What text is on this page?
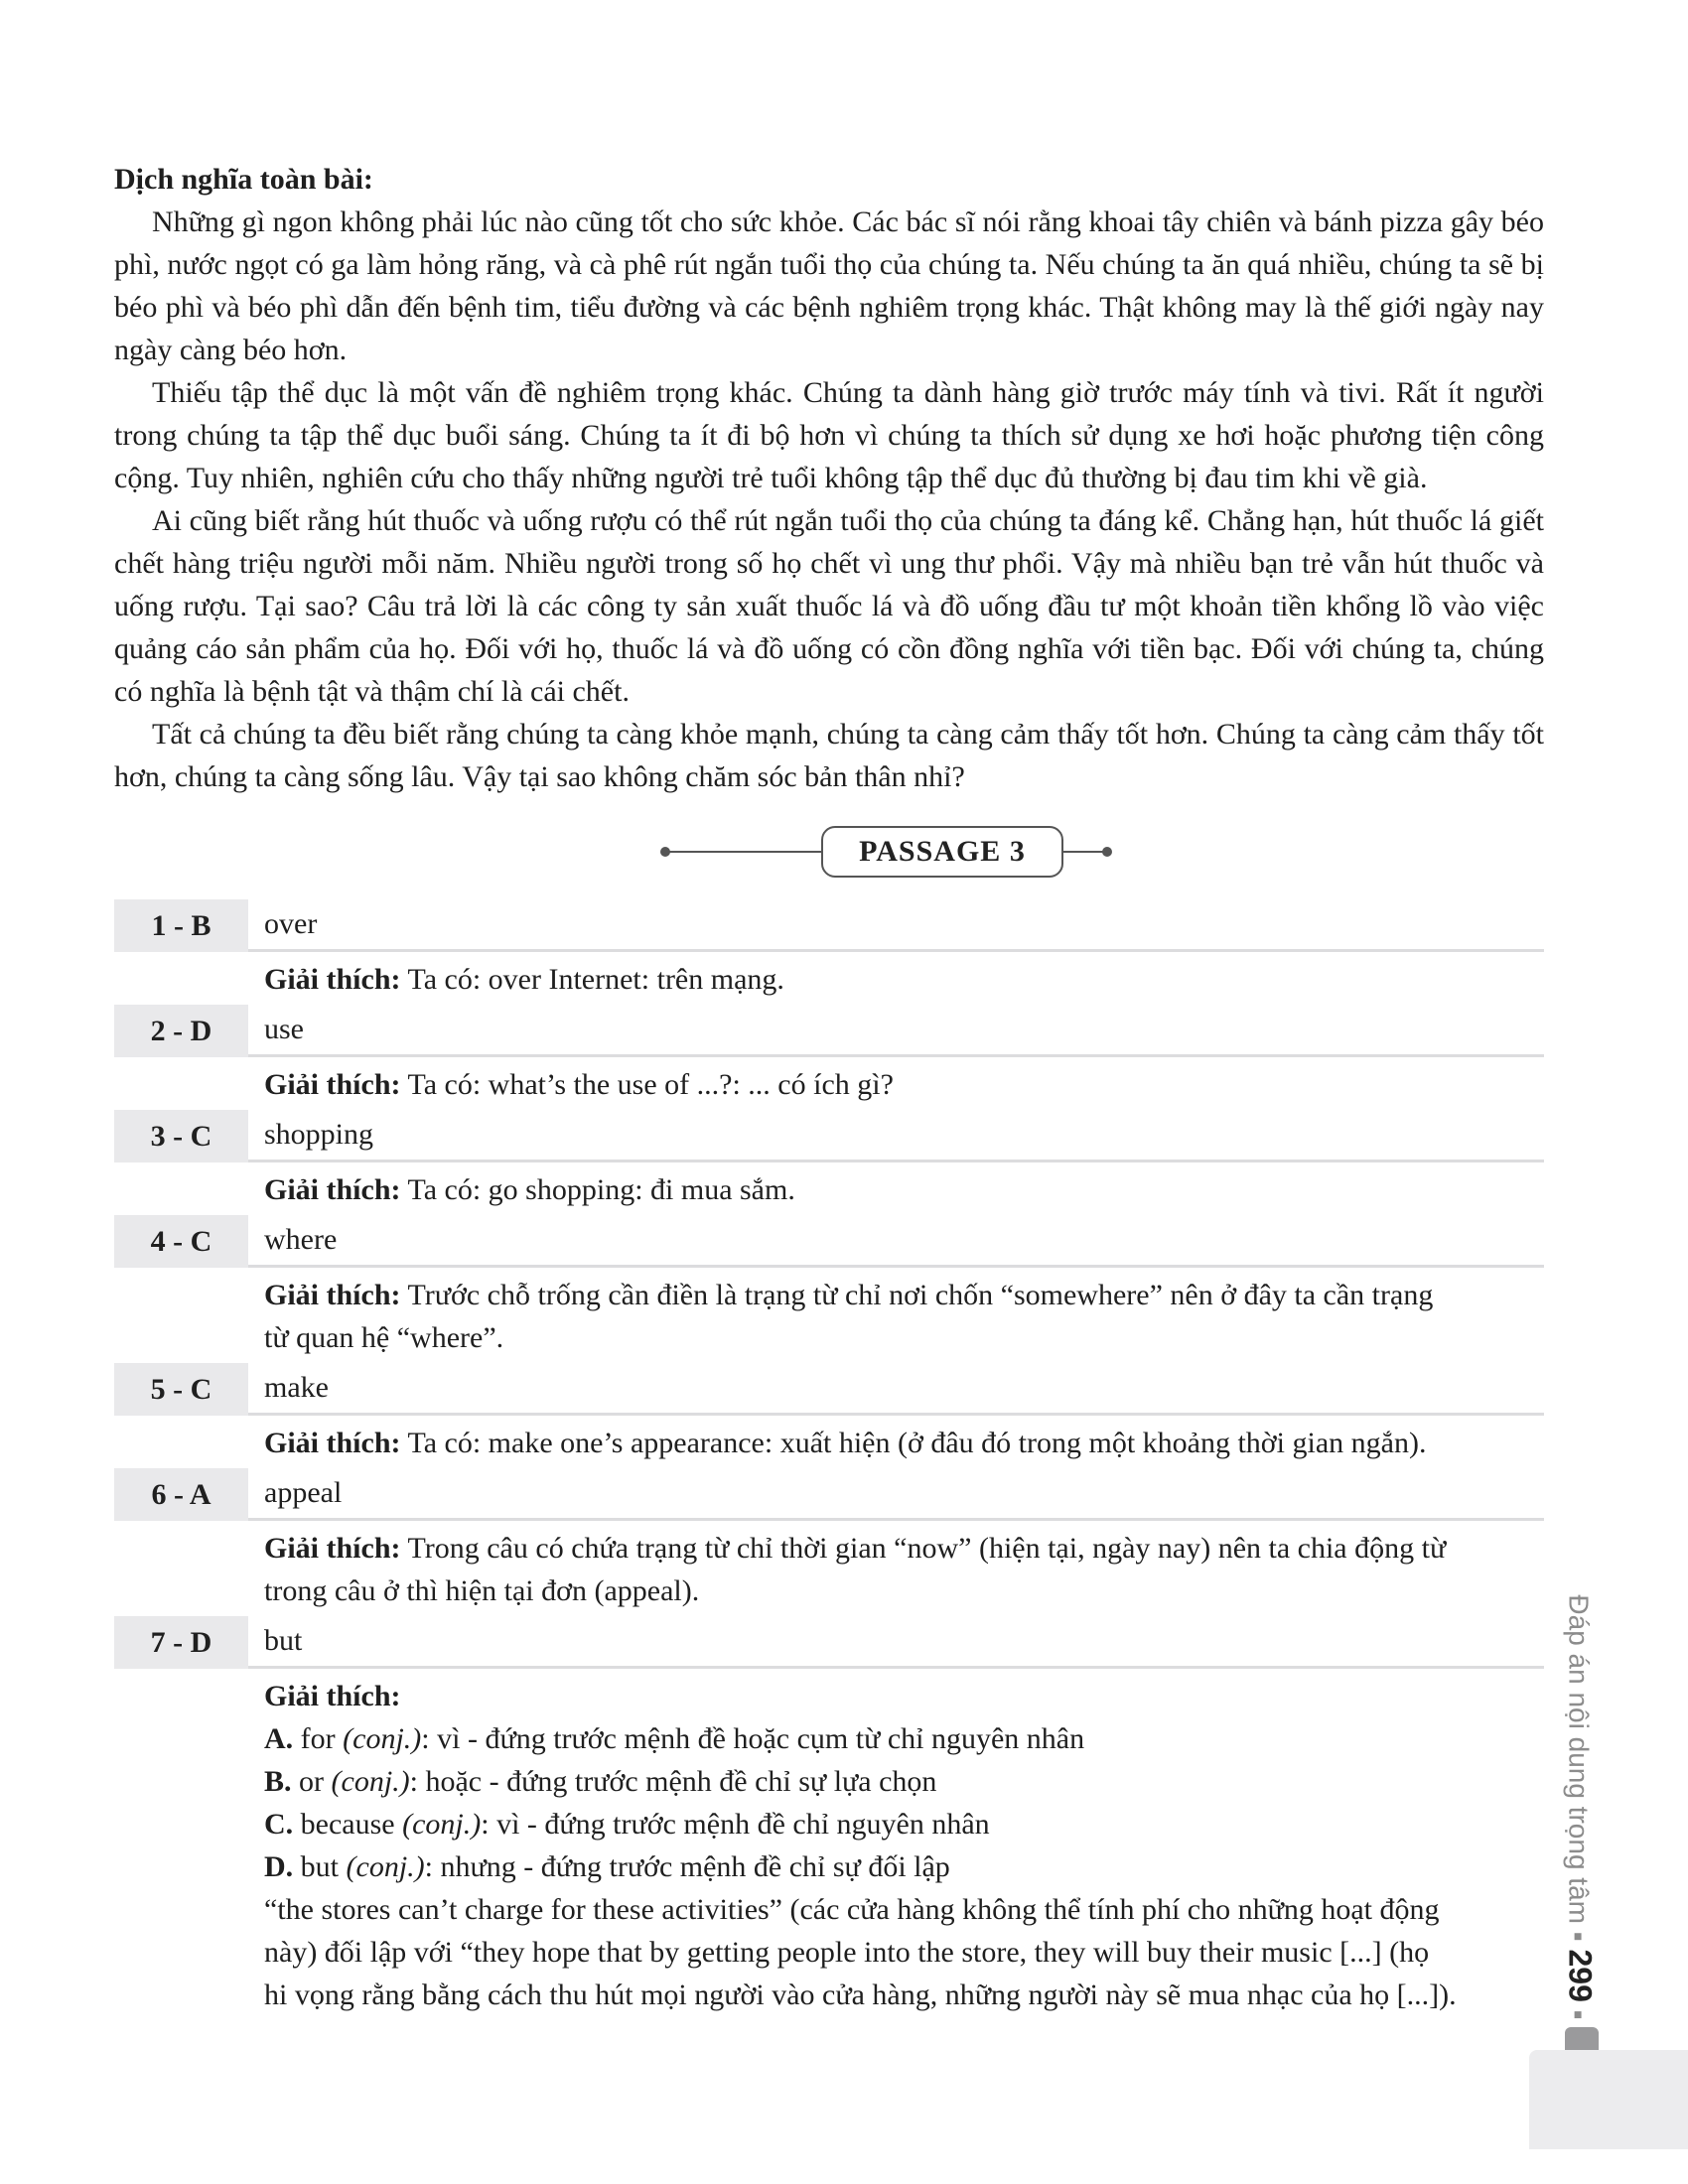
Dịch nghĩa toàn bài:

Những gì ngon không phải lúc nào cũng tốt cho sức khỏe. Các bác sĩ nói rằng khoai tây chiên và bánh pizza gây béo phì, nước ngọt có ga làm hỏng răng, và cà phê rút ngắn tuổi thọ của chúng ta. Nếu chúng ta ăn quá nhiều, chúng ta sẽ bị béo phì và béo phì dẫn đến bệnh tim, tiểu đường và các bệnh nghiêm trọng khác. Thật không may là thế giới ngày nay ngày càng béo hơn.

Thiếu tập thể dục là một vấn đề nghiêm trọng khác. Chúng ta dành hàng giờ trước máy tính và tivi. Rất ít người trong chúng ta tập thể dục buổi sáng. Chúng ta ít đi bộ hơn vì chúng ta thích sử dụng xe hơi hoặc phương tiện công cộng. Tuy nhiên, nghiên cứu cho thấy những người trẻ tuổi không tập thể dục đủ thường bị đau tim khi về già.

Ai cũng biết rằng hút thuốc và uống rượu có thể rút ngắn tuổi thọ của chúng ta đáng kể. Chẳng hạn, hút thuốc lá giết chết hàng triệu người mỗi năm. Nhiều người trong số họ chết vì ung thư phổi. Vậy mà nhiều bạn trẻ vẫn hút thuốc và uống rượu. Tại sao? Câu trả lời là các công ty sản xuất thuốc lá và đồ uống đầu tư một khoản tiền khổng lồ vào việc quảng cáo sản phẩm của họ. Đối với họ, thuốc lá và đồ uống có cồn đồng nghĩa với tiền bạc. Đối với chúng ta, chúng có nghĩa là bệnh tật và thậm chí là cái chết.

Tất cả chúng ta đều biết rằng chúng ta càng khỏe mạnh, chúng ta càng cảm thấy tốt hơn. Chúng ta càng cảm thấy tốt hơn, chúng ta càng sống lâu. Vậy tại sao không chăm sóc bản thân nhỉ?

PASSAGE 3
1 - B	over
Giải thích: Ta có: over Internet: trên mạng.
2 - D	use
Giải thích: Ta có: what’s the use of ...?: ... có ích gì?
3 - C	shopping
Giải thích: Ta có: go shopping: đi mua sắm.
4 - C	where
Giải thích: Trước chỗ trống cần điền là trạng từ chỉ nơi chốn “somewhere” nên ở đây ta cần trạng
từ quan hệ “where”.
5 - C	make
Giải thích: Ta có: make one’s appearance: xuất hiện (ở đâu đó trong một khoảng thời gian ngắn).
6 - A	appeal
Giải thích: Trong câu có chứa trạng từ chỉ thời gian “now” (hiện tại, ngày nay) nên ta chia động từ
trong câu ở thì hiện tại đơn (appeal).
7 - D	but
Giải thích:
A. for (conj.): vì - đứng trước mệnh đề hoặc cụm từ chỉ nguyên nhân
B. or (conj.): hoặc - đứng trước mệnh đề chỉ sự lựa chọn
C. because (conj.): vì - đứng trước mệnh đề chỉ nguyên nhân
D. but (conj.): nhưng - đứng trước mệnh đề chỉ sự đối lập
“the stores can’t charge for these activities” (các cửa hàng không thể tính phí cho những hoạt động
này) đối lập với “they hope that by getting people into the store, they will buy their music [...] (họ
hi vọng rằng bằng cách thu hút mọi người vào cửa hàng, những người này sẽ mua nhạc của họ [...]).
Đáp án nội dung trọng tâm ▪ 299 ▪
